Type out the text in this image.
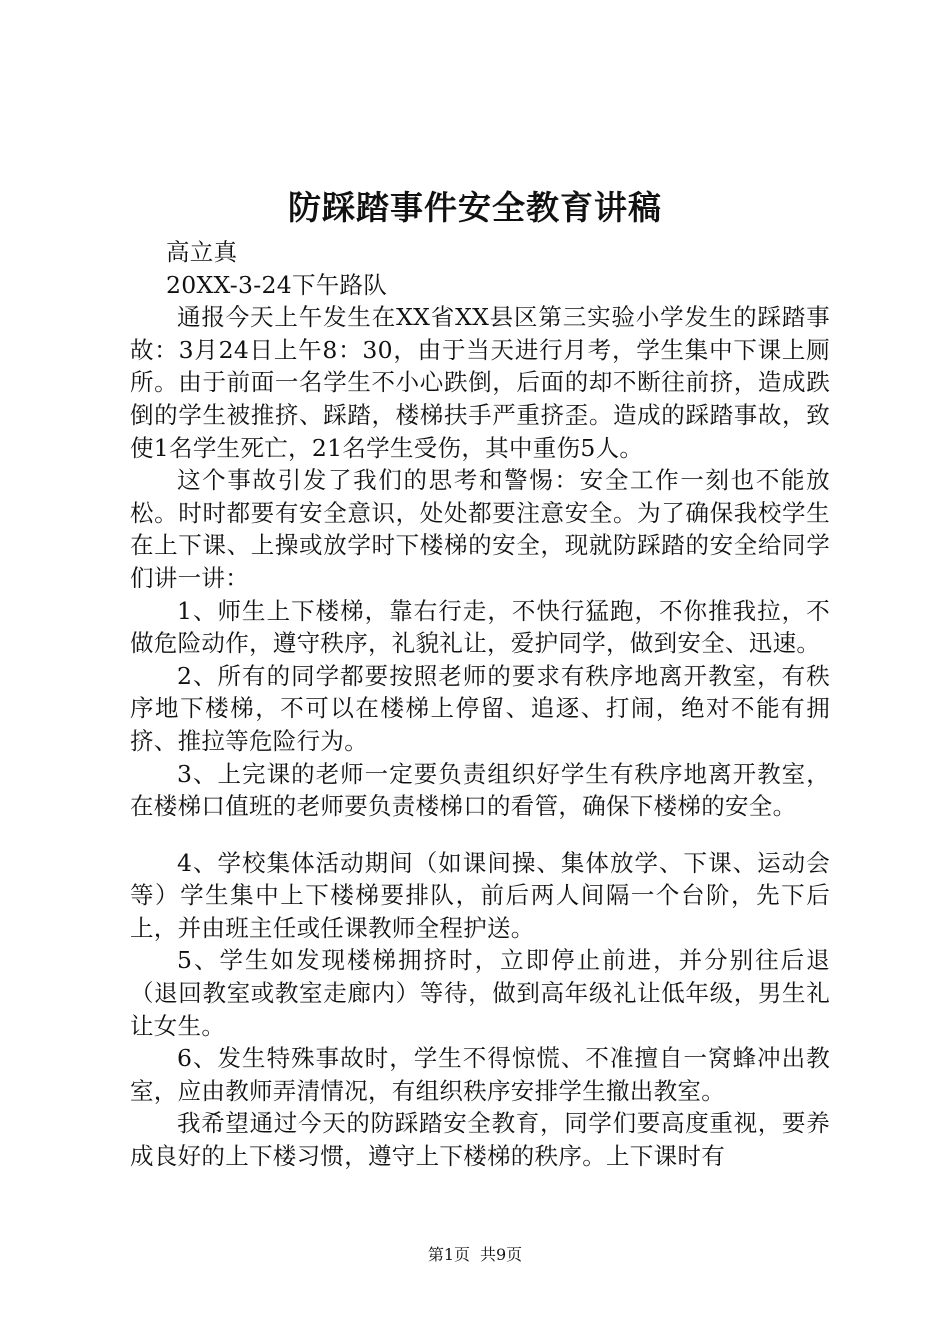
防踩踏事件安全教育讲稿

高立真

20XX-3-24下午路队

通报今天上午发生在XX省XX县区第三实验小学发生的踩踏事故：3月24日上午8：30，由于当天进行月考，学生集中下课上厕所。由于前面一名学生不小心跌倒，后面的却不断往前挤，造成跌倒的学生被推挤、踩踏，楼梯扶手严重挤歪。造成的踩踏事故，致使1名学生死亡，21名学生受伤，其中重伤5人。

这个事故引发了我们的思考和警惕：安全工作一刻也不能放松。时时都要有安全意识，处处都要注意安全。为了确保我校学生在上下课、上操或放学时下楼梯的安全，现就防踩踏的安全给同学们讲一讲：

1、师生上下楼梯，靠右行走，不快行猛跑，不你推我拉，不做危险动作，遵守秩序，礼貌礼让，爱护同学，做到安全、迅速。

2、所有的同学都要按照老师的要求有秩序地离开教室，有秩序地下楼梯，不可以在楼梯上停留、追逐、打闹，绝对不能有拥挤、推拉等危险行为。

3、上完课的老师一定要负责组织好学生有秩序地离开教室，在楼梯口值班的老师要负责楼梯口的看管，确保下楼梯的安全。

4、学校集体活动期间（如课间操、集体放学、下课、运动会等）学生集中上下楼梯要排队，前后两人间隔一个台阶，先下后上，并由班主任或任课教师全程护送。

5、学生如发现楼梯拥挤时，立即停止前进，并分别往后退（退回教室或教室走廊内）等待，做到高年级礼让低年级，男生礼让女生。

6、发生特殊事故时，学生不得惊慌、不准擅自一窝蜂冲出教室，应由教师弄清情况，有组织秩序安排学生撤出教室。

我希望通过今天的防踩踏安全教育，同学们要高度重视，要养成良好的上下楼习惯，遵守上下楼梯的秩序。上下课时有

第1页 共9页
